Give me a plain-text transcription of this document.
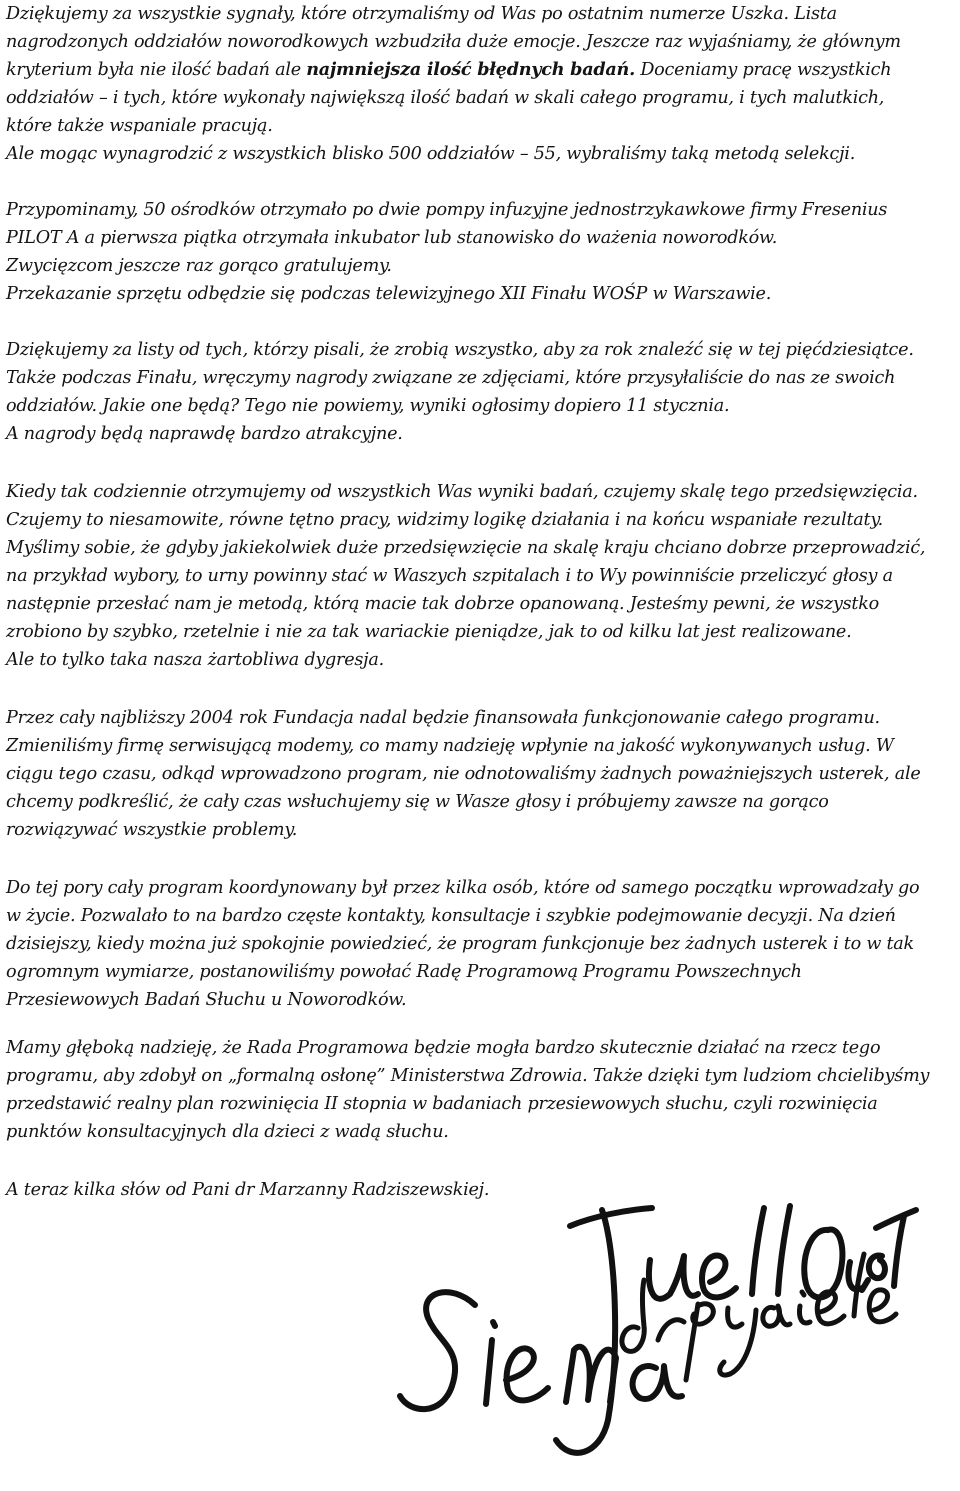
Dziękujemy za wszystkie sygnały, które otrzymaliśmy od Was po ostatnim numerze Uszka. Lista
nagrodzonych oddziałów noworodkowych wzbudziła duże emocje. Jeszcze raz wyjaśniamy, że głównym
kryterium była nie ilość badań ale najmniejsza ilość błędnych badań. Doceniamy pracę wszystkich
oddziałów – i tych, które wykonały największą ilość badań w skali całego programu, i tych malutkich,
które także wspaniale pracują.
Ale mogąc wynagrodzić z wszystkich blisko 500 oddziałów – 55, wybraliśmy taką metodą selekcji.
Przypominamy, 50 ośrodków otrzymało po dwie pompy infuzyjne jednostrzykawkowe firmy Fresenius
PILOT A a pierwsza piątka otrzymała inkubator lub stanowisko do ważenia noworodków.
Zwycięzcom jeszcze raz gorąco gratulujemy.
Przekazanie sprzętu odbędzie się podczas telewizyjnego XII Finału WOŚP w Warszawie.
Dziękujemy za listy od tych, którzy pisali, że zrobią wszystko, aby za rok znaleźć się w tej pięćdziesiątce.
Także podczas Finału, wręczymy nagrody związane ze zdjęciami, które przysyłaliście do nas ze swoich
oddziałów. Jakie one będą? Tego nie powiemy, wyniki ogłosimy dopiero 11 stycznia.
A nagrody będą naprawdę bardzo atrakcyjne.
Kiedy tak codziennie otrzymujemy od wszystkich Was wyniki badań, czujemy skalę tego przedsięwzięcia.
Czujemy to niesamowite, równe tętno pracy, widzimy logikę działania i na końcu wspaniałe rezultaty.
Myślimy sobie, że gdyby jakiekolwiek duże przedsięwzięcie na skalę kraju chciano dobrze przeprowadzić,
na przykład wybory, to urny powinny stać w Waszych szpitalach i to Wy powinniście przeliczyć głosy a
następnie przesłać nam je metodą, którą macie tak dobrze opanowaną. Jesteśmy pewni, że wszystko
zrobiono by szybko, rzetelnie i nie za tak wariackie pieniądze, jak to od kilku lat jest realizowane.
Ale to tylko taka nasza żartobliwa dygresja.
Przez cały najbliższy 2004 rok Fundacja nadal będzie finansowała funkcjonowanie całego programu.
Zmieniliśmy firmę serwisującą modemy, co mamy nadzieję wpłynie na jakość wykonywanych usług. W
ciągu tego czasu, odkąd wprowadzono program, nie odnotowaliśmy żadnych poważniejszych usterek, ale
chcemy podkreślić, że cały czas wsłuchujemy się w Wasze głosy i próbujemy zawsze na gorąco
rozwiązywać wszystkie problemy.
Do tej pory cały program koordynowany był przez kilka osób, które od samego początku wprowadzały go
w życie. Pozwalało to na bardzo częste kontakty, konsultacje i szybkie podejmowanie decyzji. Na dzień
dzisiejszy, kiedy można już spokojnie powiedzieć, że program funkcjonuje bez żadnych usterek i to w tak
ogromnym wymiarze, postanowiliśmy powołać Radę Programową Programu Powszechnych
Przesiewowych Badań Słuchu u Noworodków.
Mamy głęboką nadzieję, że Rada Programowa będzie mogła bardzo skutecznie działać na rzecz tego
programu, aby zdobył on „formalną osłonę” Ministerstwa Zdrowia. Także dzięki tym ludziom chcielibyśmy
przedstawić realny plan rozwinięcia II stopnia w badaniach przesiewowych słuchu, czyli rozwinięcia
punktów konsultacyjnych dla dzieci z wadą słuchu.
A teraz kilka słów od Pani dr Marzanny Radziszewskiej.
